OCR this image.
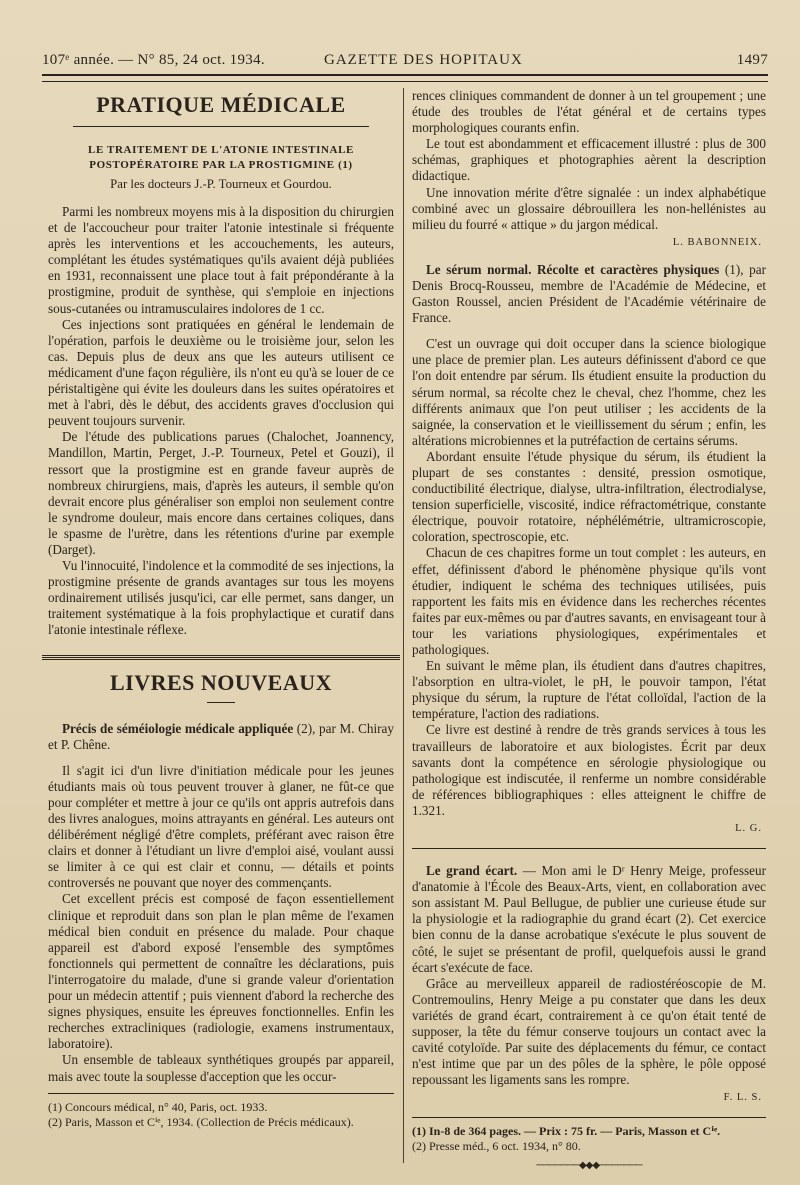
107ᵉ année. — N° 85, 24 oct. 1934.	GAZETTE DES HOPITAUX	1497
PRATIQUE MÉDICALE
LE TRAITEMENT DE L'ATONIE INTESTINALE
POSTOPÉRATOIRE PAR LA PROSTIGMINE (1)
Par les docteurs J.-P. Tourneux et Gourdou.

Parmi les nombreux moyens mis à la disposition du chirurgien et de l'accoucheur pour traiter l'atonie intestinale si fréquente après les interventions et les accouchements, les auteurs, complétant les études systématiques qu'ils avaient déjà publiées en 1931, reconnaissent une place tout à fait prépondérante à la prostigmine, produit de synthèse, qui s'emploie en injections sous-cutanées ou intramusculaires indolores de 1 cc.

Ces injections sont pratiquées en général le lendemain de l'opération, parfois le deuxième ou le troisième jour, selon les cas. Depuis plus de deux ans que les auteurs utilisent ce médicament d'une façon régulière, ils n'ont eu qu'à se louer de ce péristaltigène qui évite les douleurs dans les suites opératoires et met à l'abri, dès le début, des accidents graves d'occlusion qui peuvent toujours survenir.

De l'étude des publications parues (Chalochet, Joannency, Mandillon, Martin, Perget, J.-P. Tourneux, Petel et Gouzi), il ressort que la prostigmine est en grande faveur auprès de nombreux chirurgiens, mais, d'après les auteurs, il semble qu'on devrait encore plus généraliser son emploi non seulement contre le syndrome douleur, mais encore dans certaines coliques, dans le spasme de l'urètre, dans les rétentions d'urine par exemple (Darget).

Vu l'innocuité, l'indolence et la commodité de ses injections, la prostigmine présente de grands avantages sur tous les moyens ordinairement utilisés jusqu'ici, car elle permet, sans danger, un traitement systématique à la fois prophylactique et curatif dans l'atonie intestinale réflexe.

LIVRES NOUVEAUX

Précis de séméiologie médicale appliquée (2), par M. Chiray et P. Chêne.

Il s'agit ici d'un livre d'initiation médicale pour les jeunes étudiants mais où tous peuvent trouver à glaner, ne fût-ce que pour compléter et mettre à jour ce qu'ils ont appris autrefois dans des livres analogues, moins attrayants en général. Les auteurs ont délibérément négligé d'être complets, préférant avec raison être clairs et donner à l'étudiant un livre d'emploi aisé, voulant aussi se limiter à ce qui est clair et connu, — détails et points controversés ne pouvant que noyer des commençants.

Cet excellent précis est composé de façon essentiellement clinique et reproduit dans son plan le plan même de l'examen médical bien conduit en présence du malade. Pour chaque appareil est d'abord exposé l'ensemble des symptômes fonctionnels qui permettent de connaître les déclarations, puis l'interrogatoire du malade, d'une si grande valeur d'orientation pour un médecin attentif ; puis viennent d'abord la recherche des signes physiques, ensuite les épreuves fonctionnelles. Enfin les recherches extracliniques (radiologie, examens instrumentaux, laboratoire).

Un ensemble de tableaux synthétiques groupés par appareil, mais avec toute la souplesse d'acception que les occur-

(1) Concours médical, n° 40, Paris, oct. 1933.

(2) Paris, Masson et Cⁱᵉ, 1934. (Collection de Précis médicaux).

rences cliniques commandent de donner à un tel groupement ; une étude des troubles de l'état général et de certains types morphologiques courants enfin.

Le tout est abondamment et efficacement illustré : plus de 300 schémas, graphiques et photographies aèrent la description didactique.

Une innovation mérite d'être signalée : un index alphabétique combiné avec un glossaire débrouillera les non-hellénistes au milieu du fourré « attique » du jargon médical.

L. BABONNEIX.

Le sérum normal. Récolte et caractères physiques (1), par Denis Brocq-Rousseu, membre de l'Académie de Médecine, et Gaston Roussel, ancien Président de l'Académie vétérinaire de France.

C'est un ouvrage qui doit occuper dans la science biologique une place de premier plan. Les auteurs définissent d'abord ce que l'on doit entendre par sérum. Ils étudient ensuite la production du sérum normal, sa récolte chez le cheval, chez l'homme, chez les différents animaux que l'on peut utiliser ; les accidents de la saignée, la conservation et le vieillissement du sérum ; enfin, les altérations microbiennes et la putréfaction de certains sérums.

Abordant ensuite l'étude physique du sérum, ils étudient la plupart de ses constantes : densité, pression osmotique, conductibilité électrique, dialyse, ultra-infiltration, électrodialyse, tension superficielle, viscosité, indice réfractométrique, constante électrique, pouvoir rotatoire, néphélémétrie, ultramicroscopie, coloration, spectroscopie, etc.

Chacun de ces chapitres forme un tout complet : les auteurs, en effet, définissent d'abord le phénomène physique qu'ils vont étudier, indiquent le schéma des techniques utilisées, puis rapportent les faits mis en évidence dans les recherches récentes faites par eux-mêmes ou par d'autres savants, en envisageant tour à tour les variations physiologiques, expérimentales et pathologiques.

En suivant le même plan, ils étudient dans d'autres chapitres, l'absorption en ultra-violet, le pH, le pouvoir tampon, l'état physique du sérum, la rupture de l'état colloïdal, l'action de la température, l'action des radiations.

Ce livre est destiné à rendre de très grands services à tous les travailleurs de laboratoire et aux biologistes. Écrit par deux savants dont la compétence en sérologie physiologique ou pathologique est indiscutée, il renferme un nombre considérable de références bibliographiques : elles atteignent le chiffre de 1.321.

L. G.

Le grand écart. — Mon ami le Dʳ Henry Meige, professeur d'anatomie à l'École des Beaux-Arts, vient, en collaboration avec son assistant M. Paul Bellugue, de publier une curieuse étude sur la physiologie et la radiographie du grand écart (2). Cet exercice bien connu de la danse acrobatique s'exécute le plus souvent de côté, le sujet se présentant de profil, quelquefois aussi le grand écart s'exécute de face.

Grâce au merveilleux appareil de radiostéréoscopie de M. Contremoulins, Henry Meige a pu constater que dans les deux variétés de grand écart, contrairement à ce qu'on était tenté de supposer, la tête du fémur conserve toujours un contact avec la cavité cotyloïde. Par suite des déplacements du fémur, ce contact n'est intime que par un des pôles de la sphère, le pôle opposé repoussant les ligaments sans les rompre.

F. L. S.

(1) In-8 de 364 pages. — Prix : 75 fr. — Paris, Masson et Cⁱᵉ.

(2) Presse méd., 6 oct. 1934, n° 80.

───────◆◆◆───────
